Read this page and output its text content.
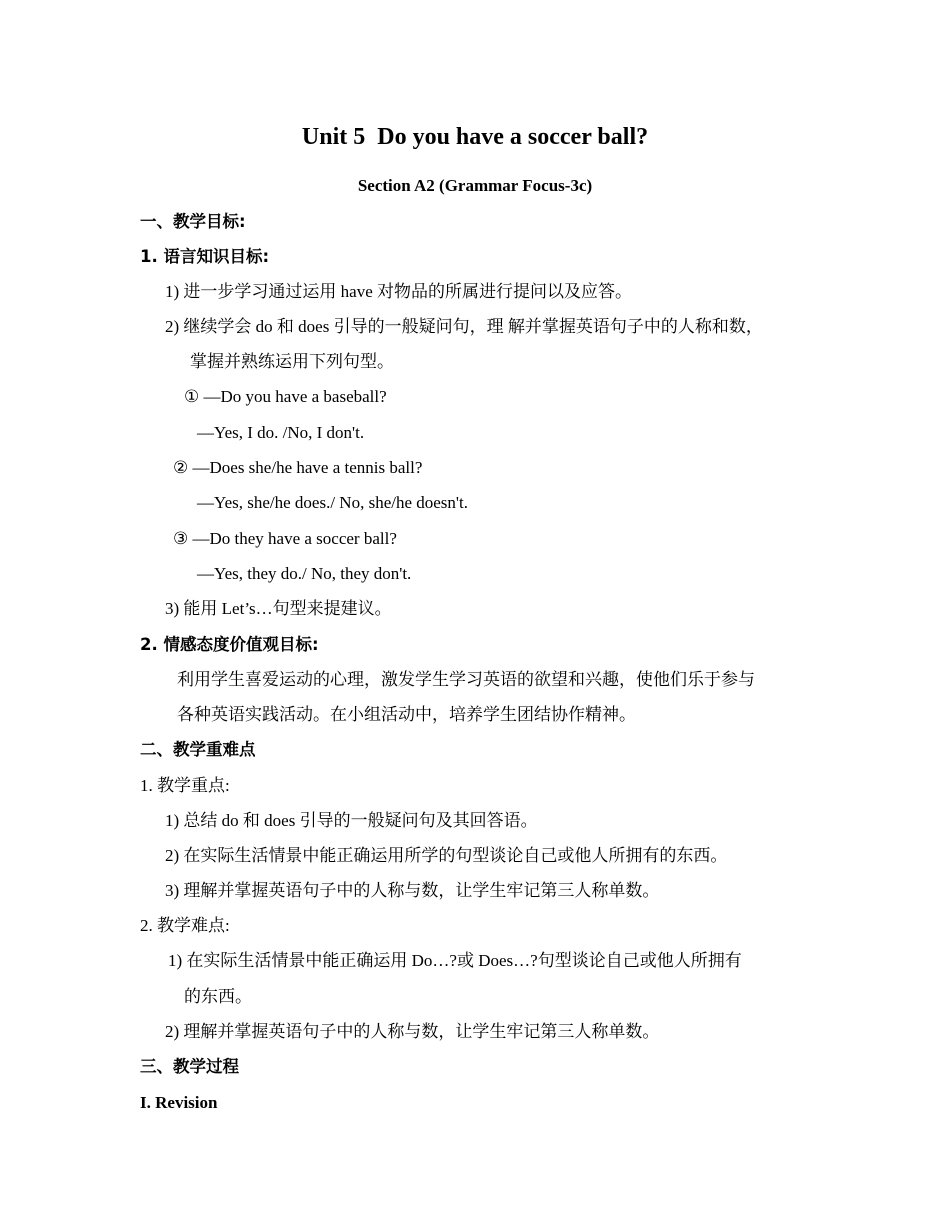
Unit 5  Do you have a soccer ball?
Section A2 (Grammar Focus-3c)
一、教学目标:
1. 语言知识目标:
1) 进一步学习通过运用 have 对物品的所属进行提问以及应答。
2) 继续学会 do 和 does 引导的一般疑问句，理 解并掌握英语句子中的人称和数，
掌握并熟练运用下列句型。
① —Do you have a baseball?
—Yes, I do. /No, I don't.
② —Does she/he have a tennis ball?
—Yes, she/he does./ No, she/he doesn't.
③ —Do they have a soccer ball?
—Yes, they do./ No, they don't.
3) 能用 Let’s…句型来提建议。
2. 情感态度价值观目标:
利用学生喜爱运动的心理，激发学生学习英语的欲望和兴趣，使他们乐于参与
各种英语实践活动。在小组活动中，培养学生团结协作精神。
二、教学重难点
1. 教学重点:
1) 总结 do 和 does 引导的一般疑问句及其回答语。
2) 在实际生活情景中能正确运用所学的句型谈论自己或他人所拥有的东西。
3) 理解并掌握英语句子中的人称与数，让学生牢记第三人称单数。
2. 教学难点:
1) 在实际生活情景中能正确运用 Do…?或 Does…?句型谈论自己或他人所拥有
的东西。
2) 理解并掌握英语句子中的人称与数，让学生牢记第三人称单数。
三、教学过程
I. Revision
